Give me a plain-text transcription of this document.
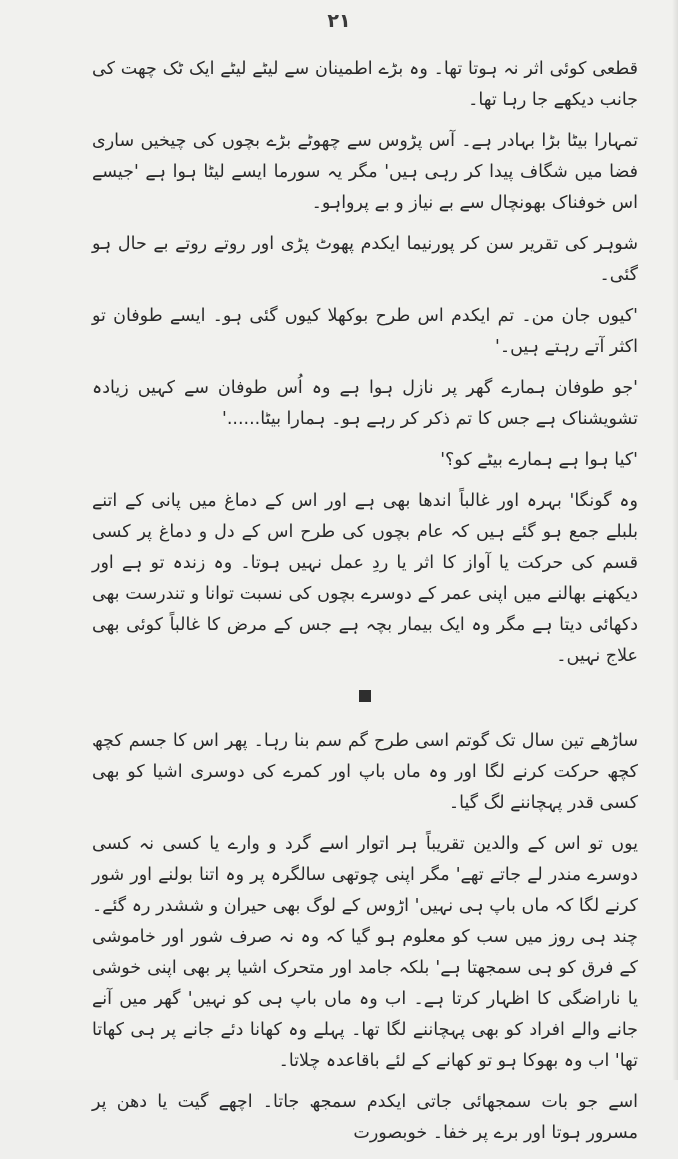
۲۱

قطعی کوئی اثر نہ ہوتا تھا۔ وہ بڑے اطمینان سے لیٹے لیٹے ایک ٹک چھت کی جانب دیکھے جا رہا تھا۔

تمہارا بیٹا بڑا بہادر ہے۔ آس پڑوس سے چھوٹے بڑے بچوں کی چیخیں ساری فضا میں شگاف پیدا کر رہی ہیں' مگر یہ سورما ایسے لیٹا ہوا ہے 'جیسے اس خوفناک بھونچال سے بے نیاز و بے پرواہو۔

شوہر کی تقریر سن کر پورنیما ایکدم پھوٹ پڑی اور روتے روتے بے حال ہو گئی۔

'کیوں جان من۔ تم ایکدم اس طرح بوکھلا کیوں گئی ہو۔ ایسے طوفان تو اکثر آتے رہتے ہیں۔'

'جو طوفان ہمارے گھر پر نازل ہوا ہے وہ اُس طوفان سے کہیں زیادہ تشویشناک ہے جس کا تم ذکر کر رہے ہو۔ ہمارا بیٹا......'

'کیا ہوا ہے ہمارے بیٹے کو؟'

وہ گونگا' بہرہ اور غالباً اندھا بھی ہے اور اس کے دماغ میں پانی کے اتنے بلبلے جمع ہو گئے ہیں کہ عام بچوں کی طرح اس کے دل و دماغ پر کسی قسم کی حرکت یا آواز کا اثر یا ردِ عمل نہیں ہوتا۔ وہ زندہ تو ہے اور دیکھنے بھالنے میں اپنی عمر کے دوسرے بچوں کی نسبت توانا و تندرست بھی دکھائی دیتا ہے مگر وہ ایک بیمار بچہ ہے جس کے مرض کا غالباً کوئی بھی علاج نہیں۔

ساڑھے تین سال تک گوتم اسی طرح گم سم بنا رہا۔ پھر اس کا جسم کچھ کچھ حرکت کرنے لگا اور وہ ماں باپ اور کمرے کی دوسری اشیا کو بھی کسی قدر پہچاننے لگ گیا۔

یوں تو اس کے والدین تقریباً ہر اتوار اسے گرد و وارے یا کسی نہ کسی دوسرے مندر لے جاتے تھے' مگر اپنی چوتھی سالگرہ پر وہ اتنا بولنے اور شور کرنے لگا کہ ماں باپ ہی نہیں' اڑوس کے لوگ بھی حیران و ششدر رہ گئے۔ چند ہی روز میں سب کو معلوم ہو گیا کہ وہ نہ صرف شور اور خاموشی کے فرق کو ہی سمجھتا ہے' بلکہ جامد اور متحرک اشیا پر بھی اپنی خوشی یا ناراضگی کا اظہار کرتا ہے۔ اب وہ ماں باپ ہی کو نہیں' گھر میں آنے جانے والے افراد کو بھی پہچاننے لگا تھا۔ پہلے وہ کھانا دئے جانے پر ہی کھاتا تھا' اب وہ بھوکا ہو تو کھانے کے لئے باقاعدہ چلاتا۔

اسے جو بات سمجھائی جاتی ایکدم سمجھ جاتا۔ اچھے گیت یا دھن پر مسرور ہوتا اور برے پر خفا۔ خوبصورت
